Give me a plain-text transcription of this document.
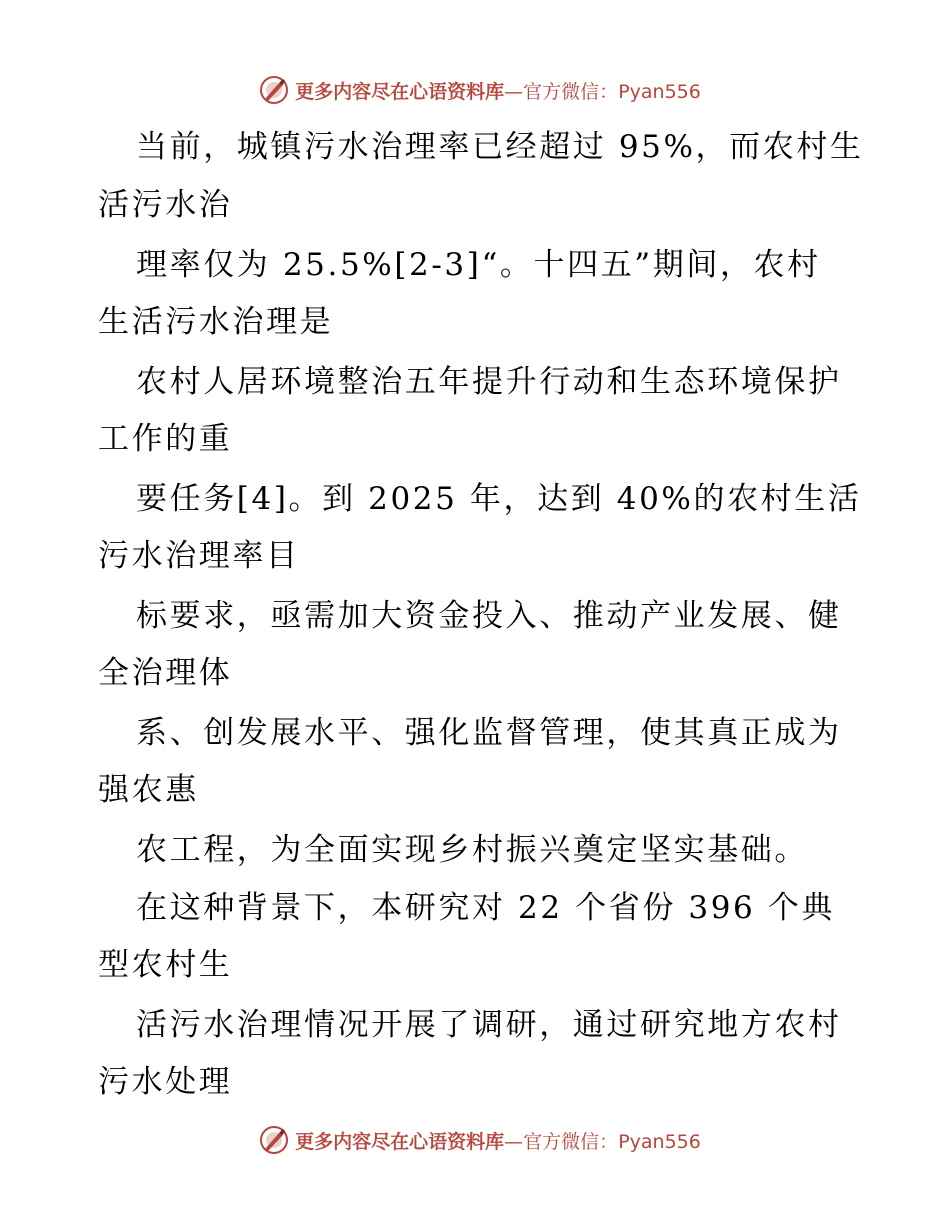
更多内容尽在心语资料库—官方微信：Pyan556
当前，城镇污水治理率已经超过 95%，而农村生
活污水治
理率仅为 25.5%[2-3]“。十四五”期间，农村
生活污水治理是
农村人居环境整治五年提升行动和生态环境保护
工作的重
要任务[4]。到 2025 年，达到 40%的农村生活
污水治理率目
标要求，亟需加大资金投入、推动产业发展、健
全治理体
系、创发展水平、强化监督管理，使其真正成为
强农惠
农工程，为全面实现乡村振兴奠定坚实基础。
在这种背景下，本研究对 22 个省份 396 个典
型农村生
活污水治理情况开展了调研，通过研究地方农村
污水处理
更多内容尽在心语资料库—官方微信：Pyan556
